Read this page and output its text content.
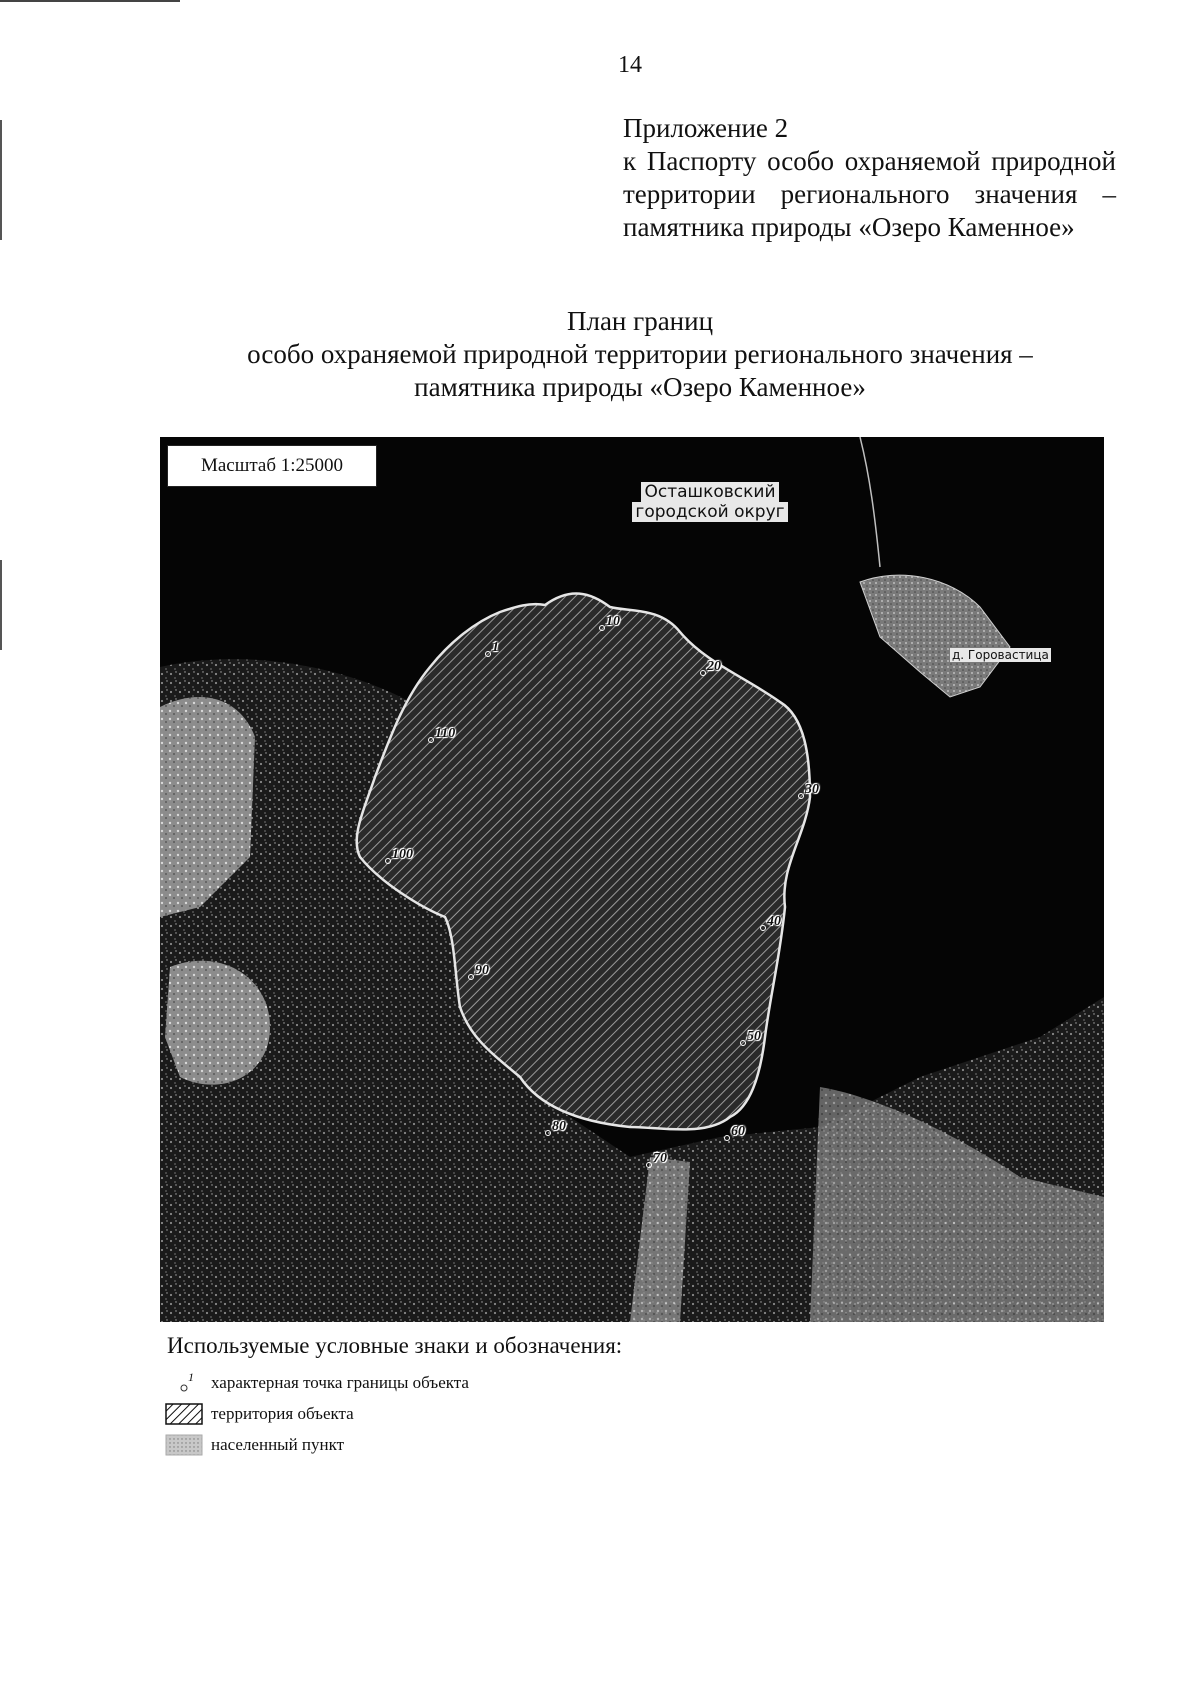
14
Приложение 2
к Паспорту особо охраняемой природной территории регионального значения – памятника природы «Озеро Каменное»
План границ
особо охраняемой природной территории регионального значения –
памятника природы «Озеро Каменное»
Масштаб 1:25000
Осташковский
городской округ
д. Горовастица
1
10
20
30
40
50
60
70
80
90
100
110
Используемые условные знаки и обозначения:
1 характерная точка границы объекта
территория объекта
населенный пункт
